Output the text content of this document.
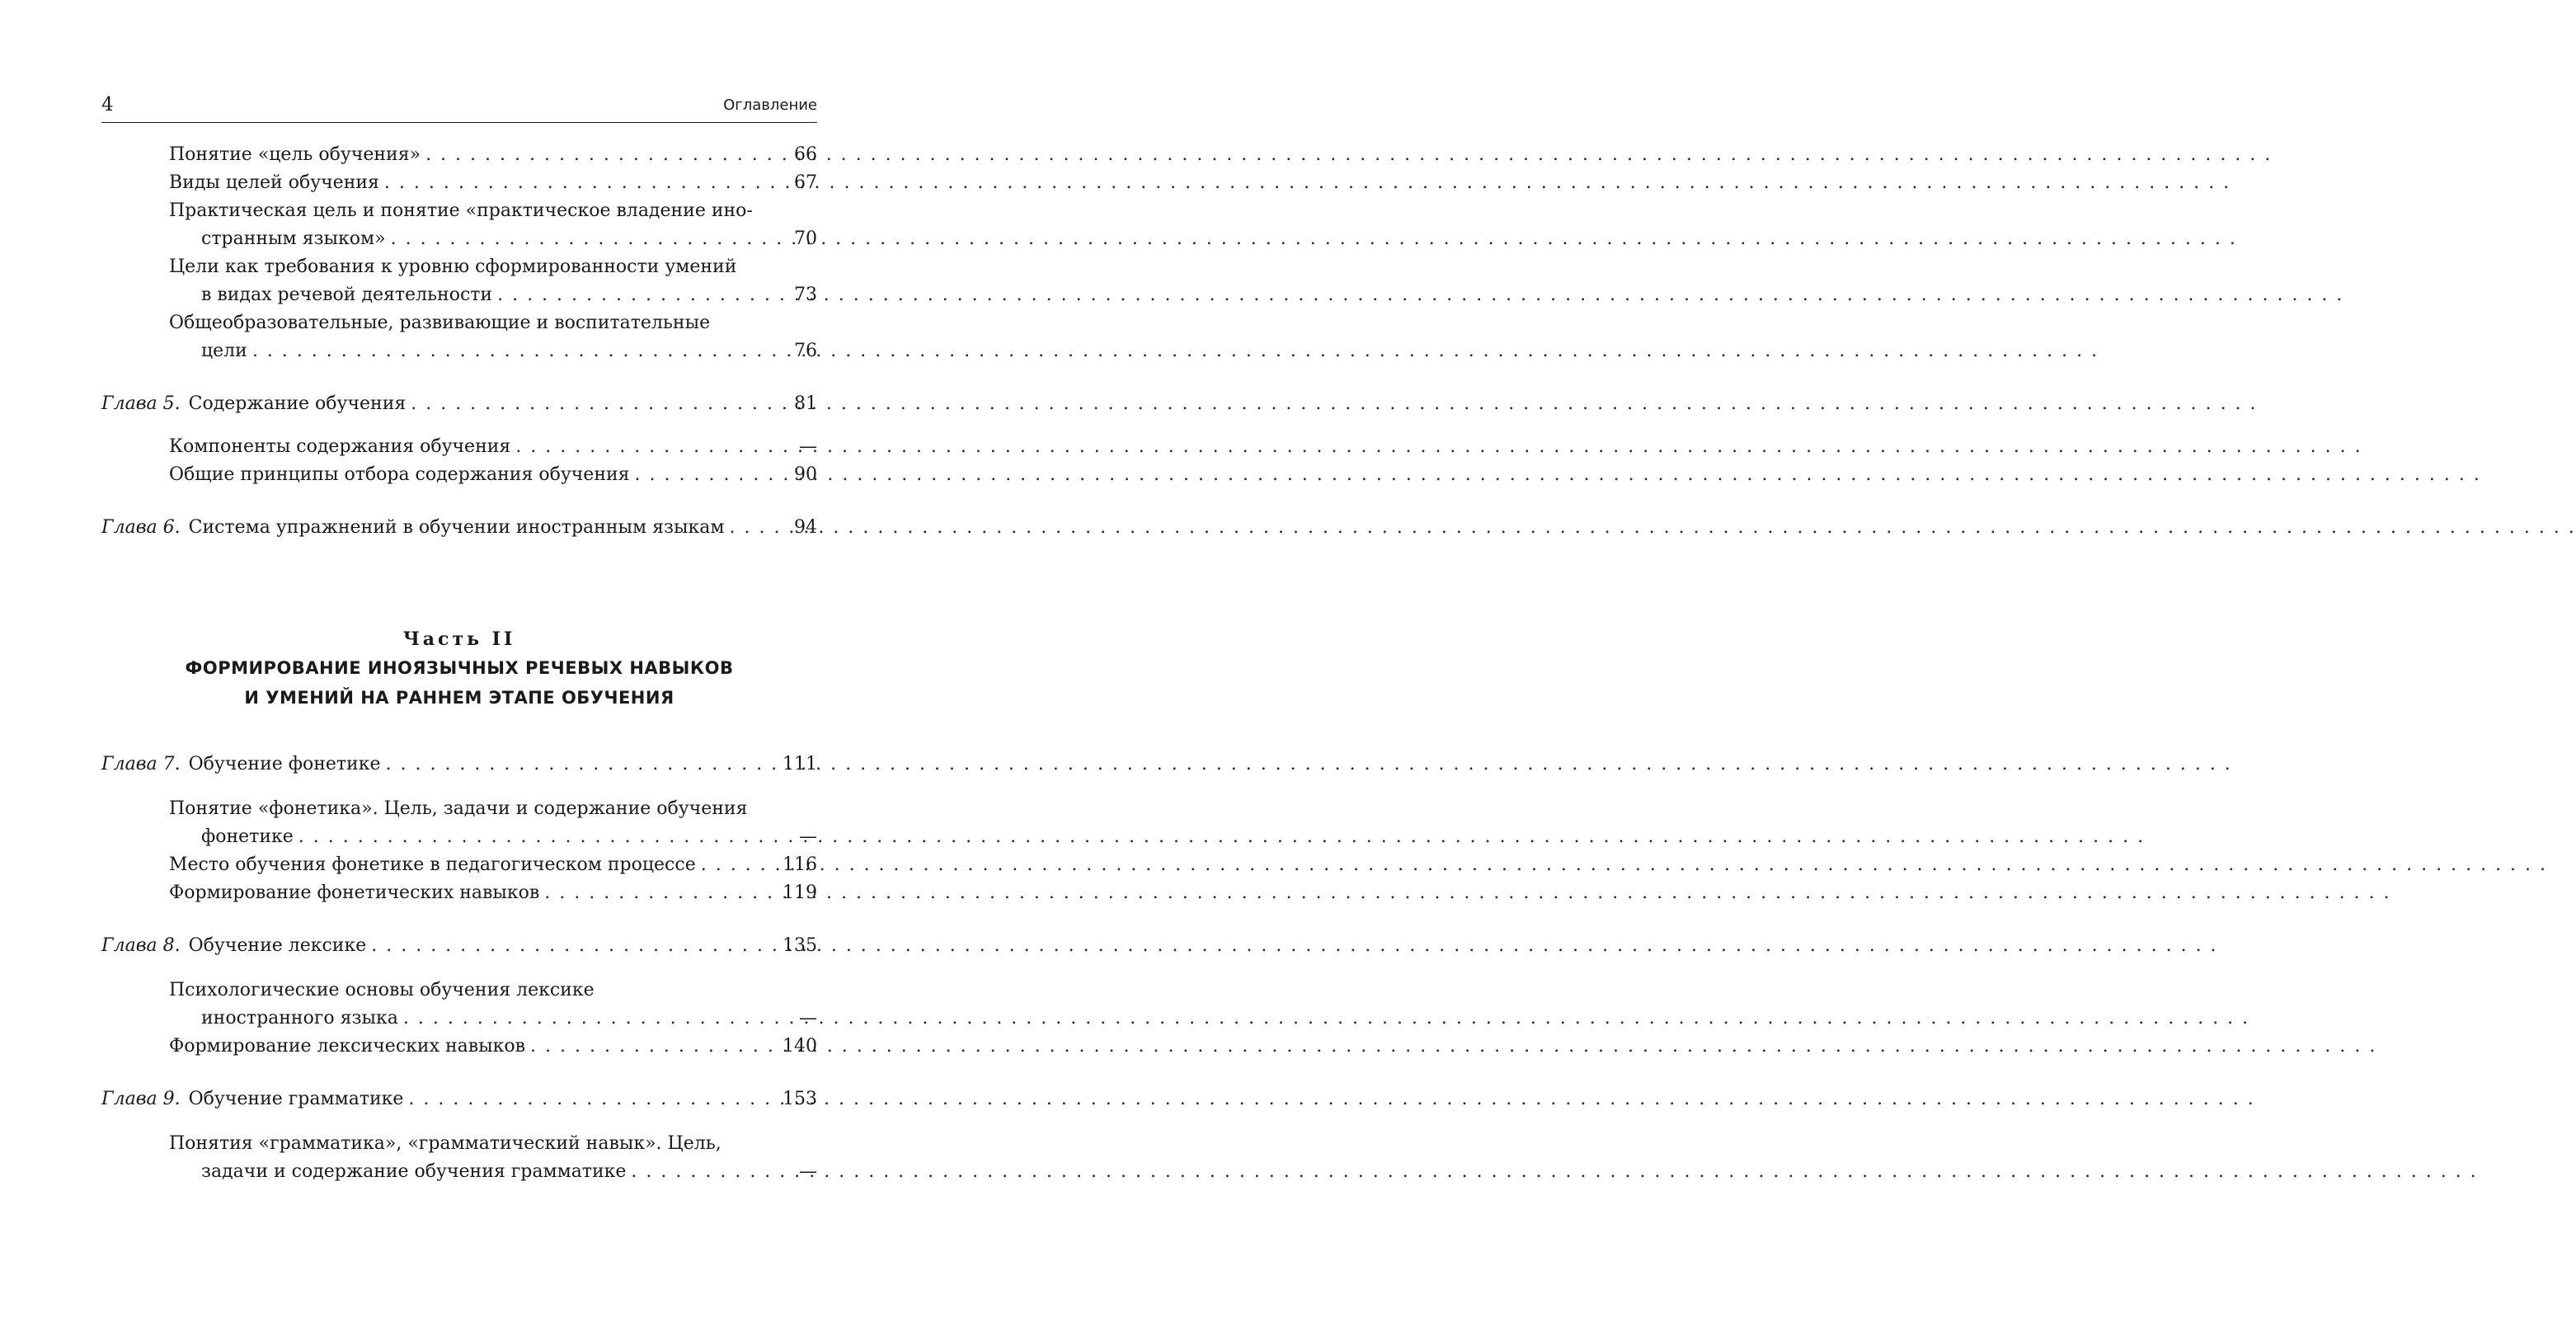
4	Оглавление
Понятие «цель обучения» . . .	66
Виды целей обучения . . .	67
Практическая цель и понятие «практическое владение ино-
странным языком» . . .	70
Цели как требования к уровню сформированности умений
в видах речевой деятельности . . .	73
Общеобразовательные, развивающие и воспитательные
цели . . .	76
Глава 5. Содержание обучения . . .	81
Компоненты содержания обучения . . .	—
Общие принципы отбора содержания обучения . . .	90
Глава 6. Система упражнений в обучении иностранным языкам . . .	94
Часть II
ФОРМИРОВАНИЕ ИНОЯЗЫЧНЫХ РЕЧЕВЫХ НАВЫКОВ
И УМЕНИЙ НА РАННЕМ ЭТАПЕ ОБУЧЕНИЯ
Глава 7. Обучение фонетике . . .	111
Понятие «фонетика». Цель, задачи и содержание обучения
фонетике . . .	—
Место обучения фонетике в педагогическом процессе . . .	116
Формирование фонетических навыков . . .	119
Глава 8. Обучение лексике . . .	135
Психологические основы обучения лексике
иностранного языка . . .	—
Формирование лексических навыков . . .	140
Глава 9. Обучение грамматике . . .	153
Понятия «грамматика», «грамматический навык». Цель,
задачи и содержание обучения грамматике . . .	—
